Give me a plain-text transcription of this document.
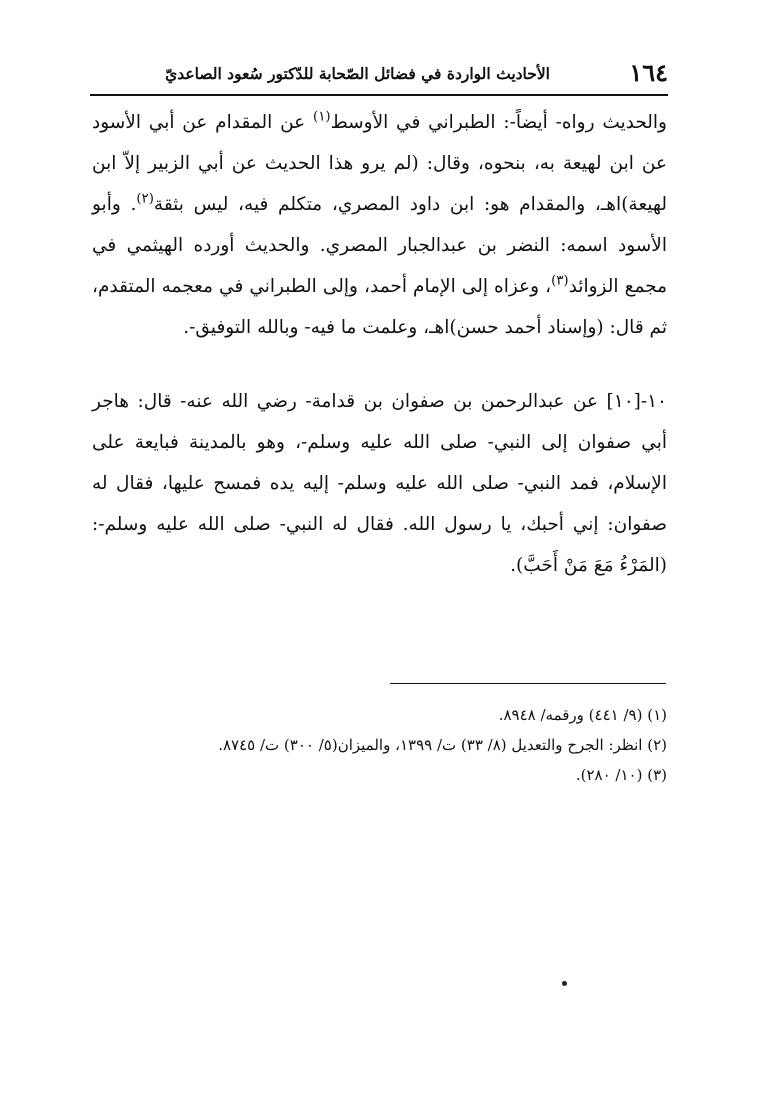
١٦٤
الأحاديث الواردة في فضائل الصّحابة للدّكتور سُعود الصاعديّ

والحديث رواه- أيضاً-: الطبراني في الأوسط$^{(١)}$ عن المقدام عن أبي الأسود عن ابن لهيعة به، بنحوه، وقال: (لم يرو هذا الحديث عن أبي الزبير إلاّ ابن لهيعة)اهـ، والمقدام هو: ابن داود المصري، متكلم فيه، ليس بثقة$^{(٢)}$. وأبو الأسود اسمه: النضر بن عبدالجبار المصري. والحديث أورده الهيثمي في مجمع الزوائد$^{(٣)}$، وعزاه إلى الإمام أحمد، وإلى الطبراني في معجمه المتقدم، ثم قال: (وإسناد أحمد حسن)اهـ، وعلمت ما فيه- وبالله التوفيق-.

١٠-[١٠] عن عبدالرحمن بن صفوان بن قدامة- رضي الله عنه- قال: هاجر أبي صفوان إلى النبي- صلى الله عليه وسلم-، وهو بالمدينة فبايعة على الإسلام، فمد النبي- صلى الله عليه وسلم- إليه يده فمسح عليها، فقال له صفوان: إني أحبك، يا رسول الله. فقال له النبي- صلى الله عليه وسلم-: (المَرْءُ مَعَ مَنْ أَحَبَّ).

(١) (٩/ ٤٤١) ورقمه/ ٨٩٤٨.

(٢) انظر: الجرح والتعديل (٨/ ٣٣) ت/ ١٣٩٩، والميزان(٥/ ٣٠٠) ت/ ٨٧٤٥.

(٣) (١٠/ ٢٨٠).
